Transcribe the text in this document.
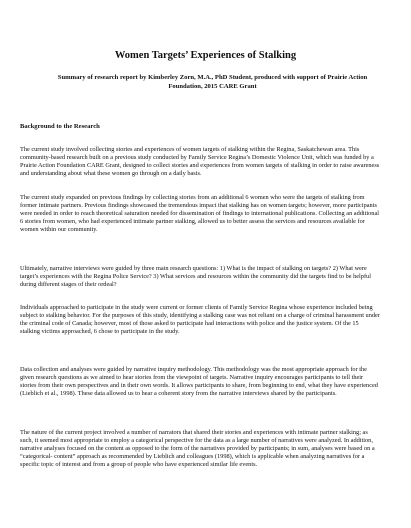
Women Targets’ Experiences of Stalking

Summary of research report by Kimberley Zorn, M.A., PhD Student, produced with support of Prairie Action Foundation, 2015 CARE Grant

Background to the Research

The current study involved collecting stories and experiences of women targets of stalking within the Regina, Saskatchewan area. This community-based research built on a previous study conducted by Family Service Regina’s Domestic Violence Unit, which was funded by a Prairie Action Foundation CARE Grant, designed to collect stories and experiences from women targets of stalking in order to raise awareness and understanding about what these women go through on a daily basis.

The current study expanded on previous findings by collecting stories from an additional 6 women who were the targets of stalking from former intimate partners. Previous findings showcased the tremendous impact that stalking has on women targets; however, more participants were needed in order to reach theoretical saturation needed for dissemination of findings to international publications. Collecting an additional 6 stories from women, who had experienced intimate partner stalking, allowed us to better assess the services and resources available for women within our community.

Ultimately, narrative interviews were guided by three main research questions: 1) What is the impact of stalking on targets? 2) What were target’s experiences with the Regina Police Service? 3) What services and resources within the community did the targets find to be helpful during different stages of their ordeal?

Individuals approached to participate in the study were current or former clients of Family Service Regina whose experience included being subject to stalking behavior. For the purposes of this study, identifying a stalking case was not reliant on a charge of criminal harassment under the criminal code of Canada; however, most of those asked to participate had interactions with police and the justice system. Of the 15 stalking victims approached, 6 chose to participate in the study.

Data collection and analyses were guided by narrative inquiry methodology. This methodology was the most appropriate approach for the given research questions as we aimed to hear stories from the viewpoint of targets. Narrative inquiry encourages participants to tell their stories from their own perspectives and in their own words. It allows participants to share, from beginning to end, what they have experienced (Lieblich et al., 1998). These data allowed us to hear a coherent story from the narrative interviews shared by the participants.

The nature of the current project involved a number of narrators that shared their stories and experiences with intimate partner stalking; as such, it seemed most appropriate to employ a categorical perspective for the data as a large number of narratives were analyzed. In addition, narrative analyses focused on the content as opposed to the form of the narratives provided by participants; in sum, analyses were based on a “categorical- content” approach as recommended by Lieblich and colleagues (1998), which is applicable when analyzing narratives for a specific topic of interest and from a group of people who have experienced similar life events.
